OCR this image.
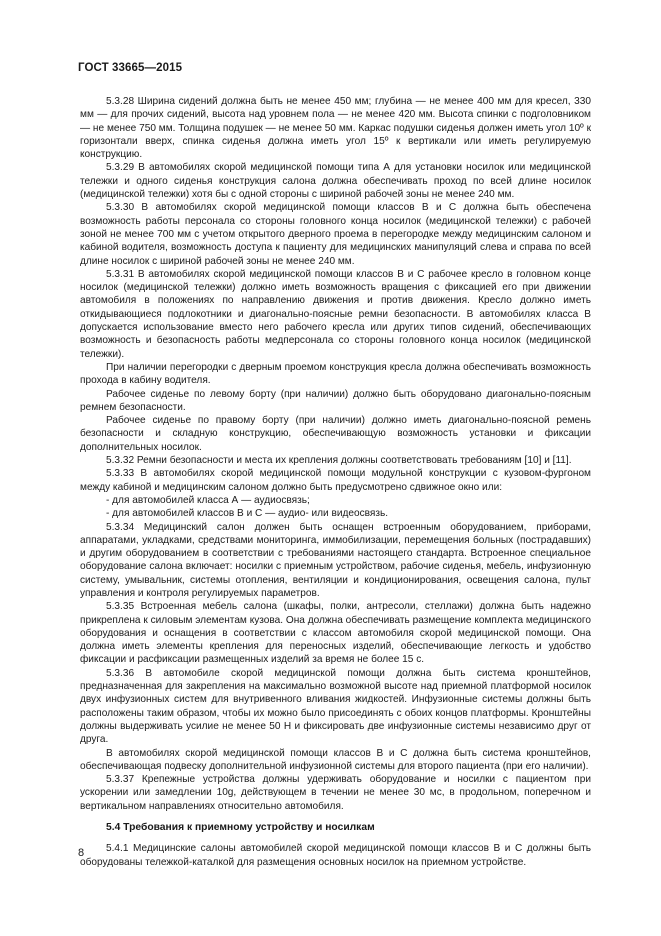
ГОСТ 33665—2015

5.3.28 Ширина сидений должна быть не менее 450 мм; глубина — не менее 400 мм для кресел, 330 мм — для прочих сидений, высота над уровнем пола — не менее 420 мм. Высота спинки с подголовником — не менее 750 мм. Толщина подушек — не менее 50 мм. Каркас подушки сиденья должен иметь угол 10º к горизонтали вверх, спинка сиденья должна иметь угол 15º к вертикали или иметь регулируемую конструкцию.

5.3.29 В автомобилях скорой медицинской помощи типа А для установки носилок или медицинской тележки и одного сиденья конструкция салона должна обеспечивать проход по всей длине носилок (медицинской тележки) хотя бы с одной стороны с шириной рабочей зоны не менее 240 мм.

5.3.30 В автомобилях скорой медицинской помощи классов В и С должна быть обеспечена возможность работы персонала со стороны головного конца носилок (медицинской тележки) с рабочей зоной не менее 700 мм с учетом открытого дверного проема в перегородке между медицинским салоном и кабиной водителя, возможность доступа к пациенту для медицинских манипуляций слева и справа по всей длине носилок с шириной рабочей зоны не менее 240 мм.

5.3.31 В автомобилях скорой медицинской помощи классов В и С рабочее кресло в головном конце носилок (медицинской тележки) должно иметь возможность вращения с фиксацией его при движении автомобиля в положениях по направлению движения и против движения. Кресло должно иметь откидывающиеся подлокотники и диагонально-поясные ремни безопасности. В автомобилях класса В допускается использование вместо него рабочего кресла или других типов сидений, обеспечивающих возможность и безопасность работы медперсонала со стороны головного конца носилок (медицинской тележки).

При наличии перегородки с дверным проемом конструкция кресла должна обеспечивать возможность прохода в кабину водителя.

Рабочее сиденье по левому борту (при наличии) должно быть оборудовано диагонально-поясным ремнем безопасности.

Рабочее сиденье по правому борту (при наличии) должно иметь диагонально-поясной ремень безопасности и складную конструкцию, обеспечивающую возможность установки и фиксации дополнительных носилок.

5.3.32 Ремни безопасности и места их крепления должны соответствовать требованиям [10] и [11].

5.3.33 В автомобилях скорой медицинской помощи модульной конструкции с кузовом-фургоном между кабиной и медицинским салоном должно быть предусмотрено сдвижное окно или:

- для автомобилей класса А — аудиосвязь;

- для автомобилей классов В и С — аудио- или видеосвязь.

5.3.34 Медицинский салон должен быть оснащен встроенным оборудованием, приборами, аппаратами, укладками, средствами мониторинга, иммобилизации, перемещения больных (пострадавших) и другим оборудованием в соответствии с требованиями настоящего стандарта. Встроенное специальное оборудование салона включает: носилки с приемным устройством, рабочие сиденья, мебель, инфузионную систему, умывальник, системы отопления, вентиляции и кондиционирования, освещения салона, пульт управления и контроля регулируемых параметров.

5.3.35 Встроенная мебель салона (шкафы, полки, антресоли, стеллажи) должна быть надежно прикреплена к силовым элементам кузова. Она должна обеспечивать размещение комплекта медицинского оборудования и оснащения в соответствии с классом автомобиля скорой медицинской помощи. Она должна иметь элементы крепления для переносных изделий, обеспечивающие легкость и удобство фиксации и расфиксации размещенных изделий за время не более 15 с.

5.3.36 В автомобиле скорой медицинской помощи должна быть система кронштейнов, предназначенная для закрепления на максимально возможной высоте над приемной платформой носилок двух инфузионных систем для внутривенного вливания жидкостей. Инфузионные системы должны быть расположены таким образом, чтобы их можно было присоединять с обоих концов платформы. Кронштейны должны выдерживать усилие не менее 50 Н и фиксировать две инфузионные системы независимо друг от друга.

В автомобилях скорой медицинской помощи классов В и С должна быть система кронштейнов, обеспечивающая подвеску дополнительной инфузионной системы для второго пациента (при его наличии).

5.3.37 Крепежные устройства должны удерживать оборудование и носилки с пациентом при ускорении или замедлении 10g, действующем в течении не менее 30 мс, в продольном, поперечном и вертикальном направлениях относительно автомобиля.

5.4 Требования к приемному устройству и носилкам

5.4.1 Медицинские салоны автомобилей скорой медицинской помощи классов В и С должны быть оборудованы тележкой-каталкой для размещения основных носилок на приемном устройстве.

8
